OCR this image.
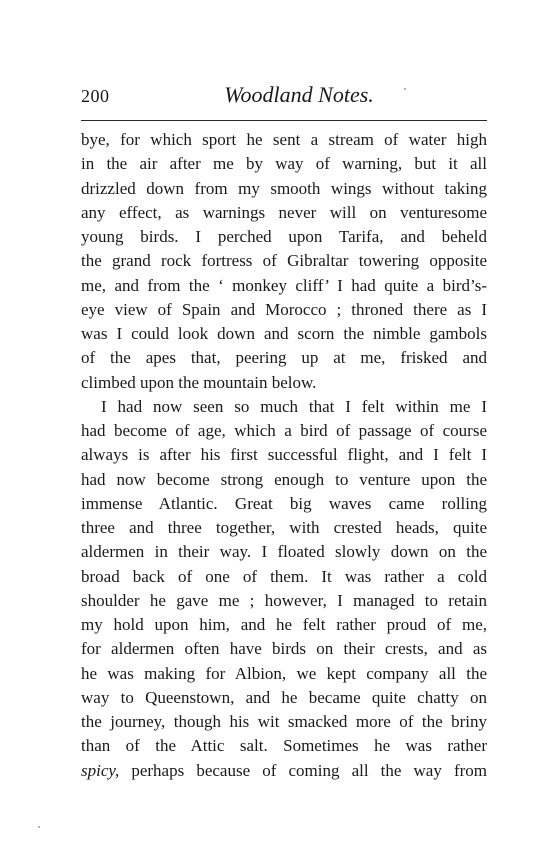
200	Woodland Notes.
bye, for which sport he sent a stream of water high
in the air after me by way of warning, but it all
drizzled down from my smooth wings without taking
any effect, as warnings never will on venturesome
young birds. I perched upon Tarifa, and beheld
the grand rock fortress of Gibraltar towering opposite
me, and from the ‘ monkey cliff’ I had quite a bird’s-
eye view of Spain and Morocco ; throned there as I
was I could look down and scorn the nimble gambols
of the apes that, peering up at me, frisked and
climbed upon the mountain below.
I had now seen so much that I felt within me I
had become of age, which a bird of passage of course
always is after his first successful flight, and I felt I
had now become strong enough to venture upon the
immense Atlantic. Great big waves came rolling
three and three together, with crested heads, quite
aldermen in their way. I floated slowly down on the
broad back of one of them. It was rather a cold
shoulder he gave me ; however, I managed to retain
my hold upon him, and he felt rather proud of me,
for aldermen often have birds on their crests, and as
he was making for Albion, we kept company all the
way to Queenstown, and he became quite chatty on
the journey, though his wit smacked more of the briny
than of the Attic salt. Sometimes he was rather
spicy, perhaps because of coming all the way from
